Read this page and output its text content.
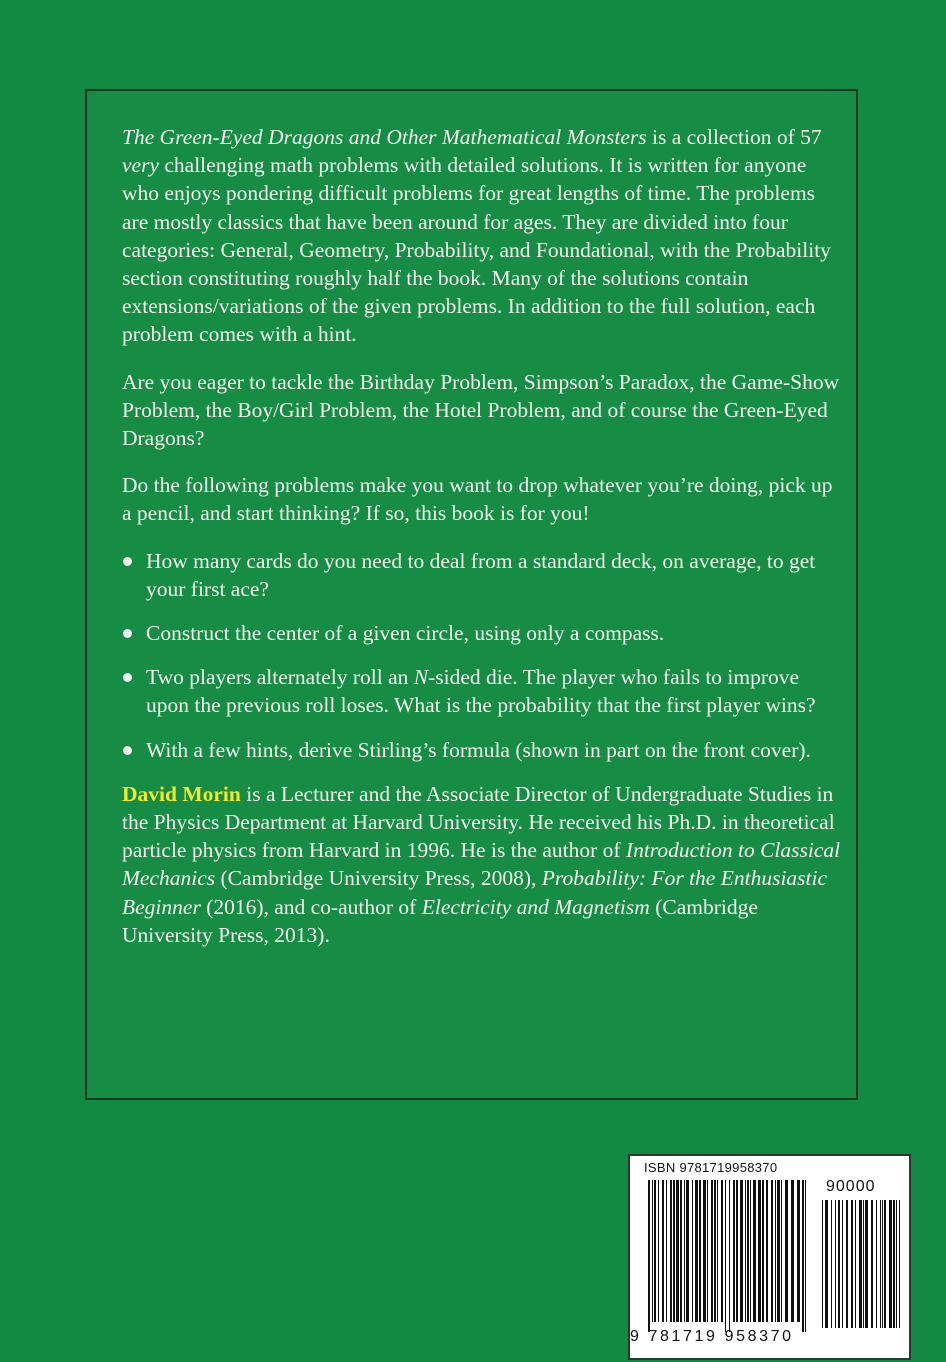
The Green-Eyed Dragons and Other Mathematical Monsters is a collection of 57 very challenging math problems with detailed solutions. It is written for anyone who enjoys pondering difficult problems for great lengths of time. The problems are mostly classics that have been around for ages. They are divided into four categories: General, Geometry, Probability, and Foundational, with the Probability section constituting roughly half the book. Many of the solutions contain extensions/variations of the given problems. In addition to the full solution, each problem comes with a hint.

Are you eager to tackle the Birthday Problem, Simpson’s Paradox, the Game-Show Problem, the Boy/Girl Problem, the Hotel Problem, and of course the Green-Eyed Dragons?

Do the following problems make you want to drop whatever you’re doing, pick up a pencil, and start thinking? If so, this book is for you!

How many cards do you need to deal from a standard deck, on average, to get your first ace?
Construct the center of a given circle, using only a compass.
Two players alternately roll an N-sided die. The player who fails to improve upon the previous roll loses. What is the probability that the first player wins?
With a few hints, derive Stirling’s formula (shown in part on the front cover).

David Morin is a Lecturer and the Associate Director of Undergraduate Studies in the Physics Department at Harvard University. He received his Ph.D. in theoretical particle physics from Harvard in 1996. He is the author of Introduction to Classical Mechanics (Cambridge University Press, 2008), Probability: For the Enthusiastic Beginner (2016), and co-author of Electricity and Magnetism (Cambridge University Press, 2013).

ISBN 9781719958370
90000
9 781719 958370
